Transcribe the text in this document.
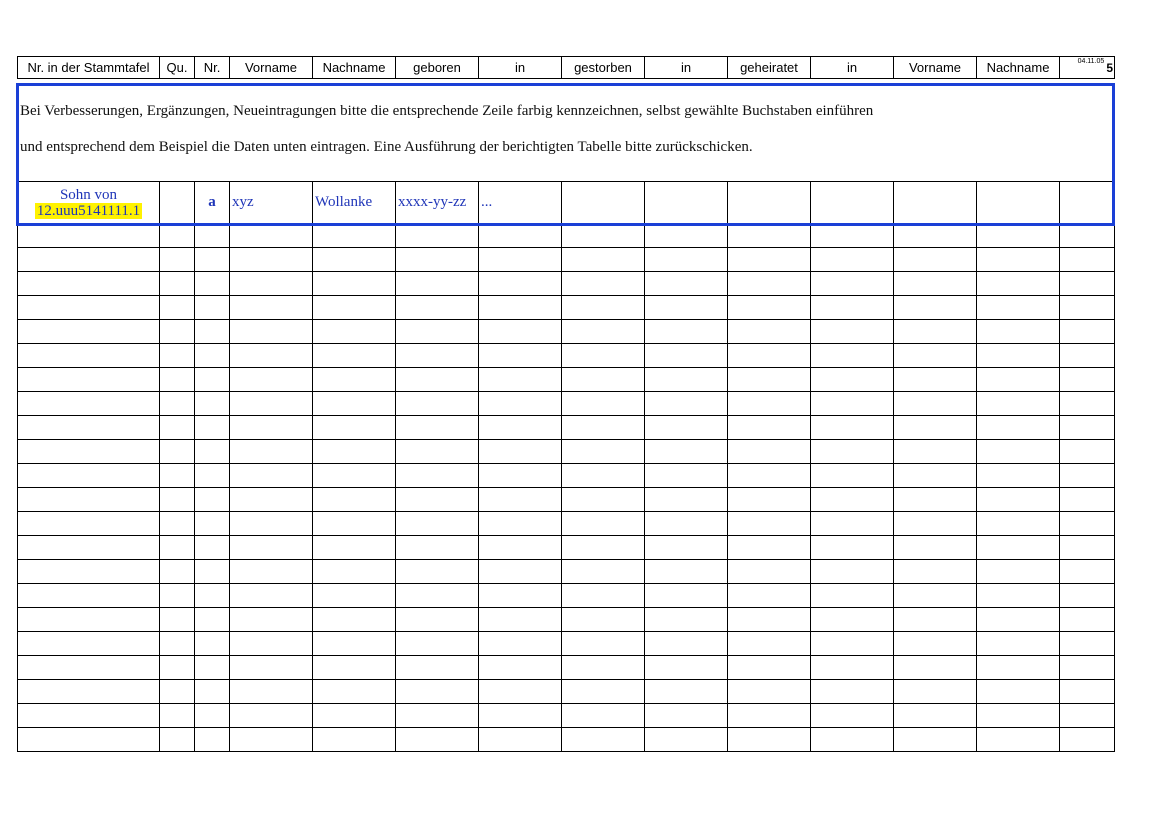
Nr. in der Stammtafel	Qu.	Nr.	Vorname	Nachname	geboren	in	gestorben	in	geheiratet	in	Vorname	Nachname	$^{04.11.05}$ 5

Bei Verbesserungen, Ergänzungen, Neueintragungen bitte die entsprechende Zeile farbig kennzeichnen, selbst gewählte Buchstaben einführen

und entsprechend dem Beispiel die Daten unten eintragen. Eine Ausführung der berichtigten Tabelle bitte zurückschicken.													

Sohn von
12.uuu5141111.1		a	xyz	Wollanke	xxxx-yy-zz	...							
